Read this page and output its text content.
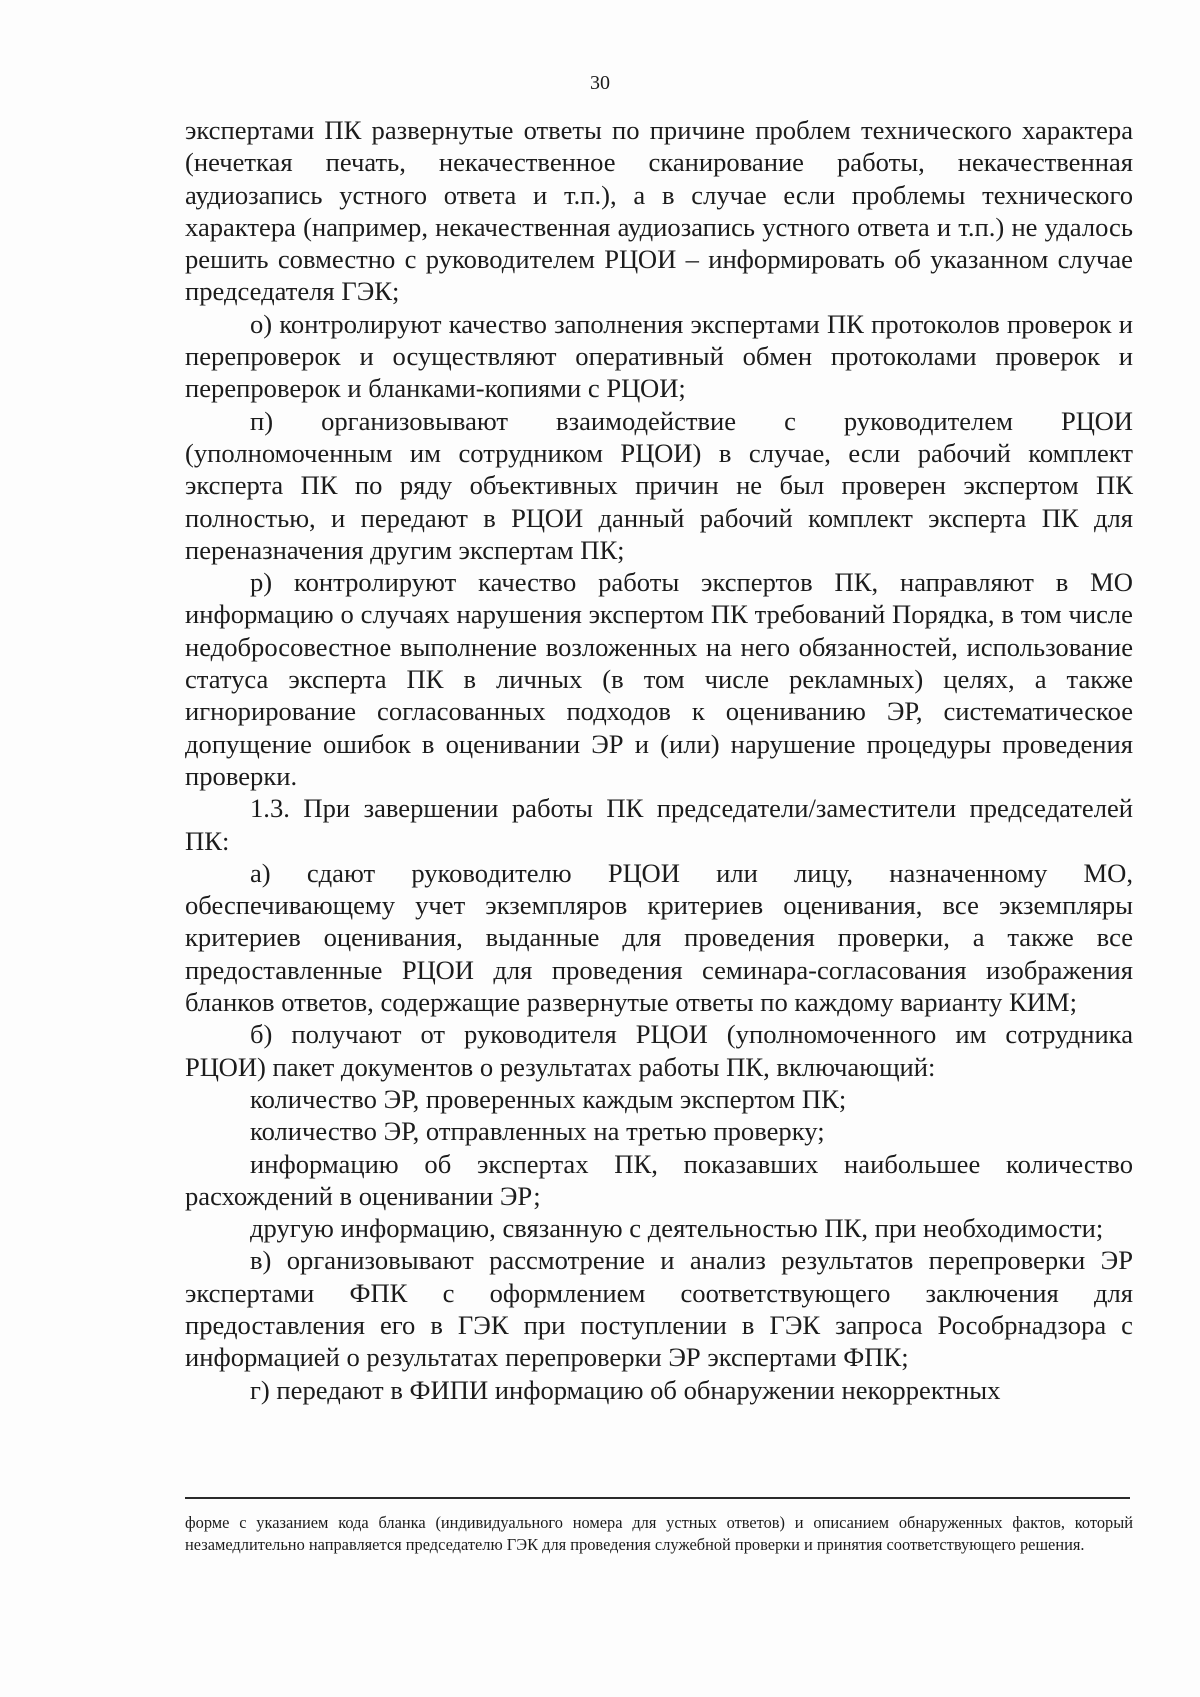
30

экспертами ПК развернутые ответы по причине проблем технического характера (нечеткая печать, некачественное сканирование работы, некачественная аудиозапись устного ответа и т.п.), а в случае если проблемы технического характера (например, некачественная аудиозапись устного ответа и т.п.) не удалось решить совместно с руководителем РЦОИ – информировать об указанном случае председателя ГЭК;

о) контролируют качество заполнения экспертами ПК протоколов проверок и перепроверок и осуществляют оперативный обмен протоколами проверок и перепроверок и бланками-копиями с РЦОИ;

п) организовывают взаимодействие с руководителем РЦОИ (уполномоченным им сотрудником РЦОИ) в случае, если рабочий комплект эксперта ПК по ряду объективных причин не был проверен экспертом ПК полностью, и передают в РЦОИ данный рабочий комплект эксперта ПК для переназначения другим экспертам ПК;

р) контролируют качество работы экспертов ПК, направляют в МО информацию о случаях нарушения экспертом ПК требований Порядка, в том числе недобросовестное выполнение возложенных на него обязанностей, использование статуса эксперта ПК в личных (в том числе рекламных) целях, а также игнорирование согласованных подходов к оцениванию ЭР, систематическое допущение ошибок в оценивании ЭР и (или) нарушение процедуры проведения проверки.

1.3. При завершении работы ПК председатели/заместители председателей ПК:

а) сдают руководителю РЦОИ или лицу, назначенному МО, обеспечивающему учет экземпляров критериев оценивания, все экземпляры критериев оценивания, выданные для проведения проверки, а также все предоставленные РЦОИ для проведения семинара-согласования изображения бланков ответов, содержащие развернутые ответы по каждому варианту КИМ;

б) получают от руководителя РЦОИ (уполномоченного им сотрудника РЦОИ) пакет документов о результатах работы ПК, включающий:

количество ЭР, проверенных каждым экспертом ПК;

количество ЭР, отправленных на третью проверку;

информацию об экспертах ПК, показавших наибольшее количество расхождений в оценивании ЭР;

другую информацию, связанную с деятельностью ПК, при необходимости;

в) организовывают рассмотрение и анализ результатов перепроверки ЭР экспертами ФПК с оформлением соответствующего заключения для предоставления его в ГЭК при поступлении в ГЭК запроса Рособрнадзора с информацией о результатах перепроверки ЭР экспертами ФПК;

г) передают в ФИПИ информацию об обнаружении некорректных

форме с указанием кода бланка (индивидуального номера для устных ответов) и описанием обнаруженных фактов, который незамедлительно направляется председателю ГЭК для проведения служебной проверки и принятия соответствующего решения.
